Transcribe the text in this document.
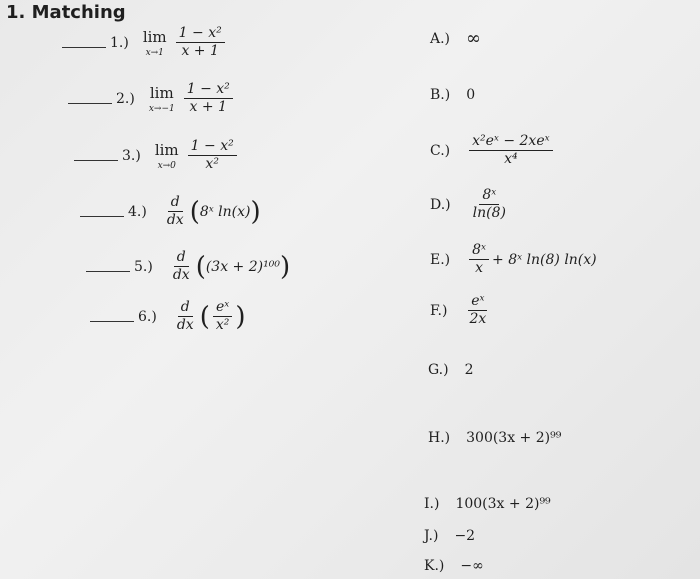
1. Matching
1.) lim
$x\to 1 \frac{\text{1 − x²}}{x + 1}$
2.) lim
$x\to-1 \frac{\text{1 − x²}}{x + 1}$
3.) lim
$x\to 0 \frac{\text{1 − x²}}{\text{x²}}$
$4.) \frac{d}{dx}$ ( 8ˣ ln(x) )
$5.) \frac{d}{dx}$ ( (3x + 2)¹⁰⁰ )
$6.) \frac{d}{dx}$ ( $\frac{\text{eˣ}}{\text{x²}}$ )
A.) ∞
B.) 0
$C.) \frac{\text{x²eˣ − 2xeˣ}}{\text{x⁴}}$
$D.) \frac{\text{8ˣ}}{\ln(8)}$
$E.) \frac{\text{8ˣ}}{x}$ + 8ˣ ln(8) ln(x)
$F.) \frac{\text{eˣ}}{2x}$
G.) 2
H.) 300(3x + 2)⁹⁹
I.) 100(3x + 2)⁹⁹
J.) −2
K.) −∞
